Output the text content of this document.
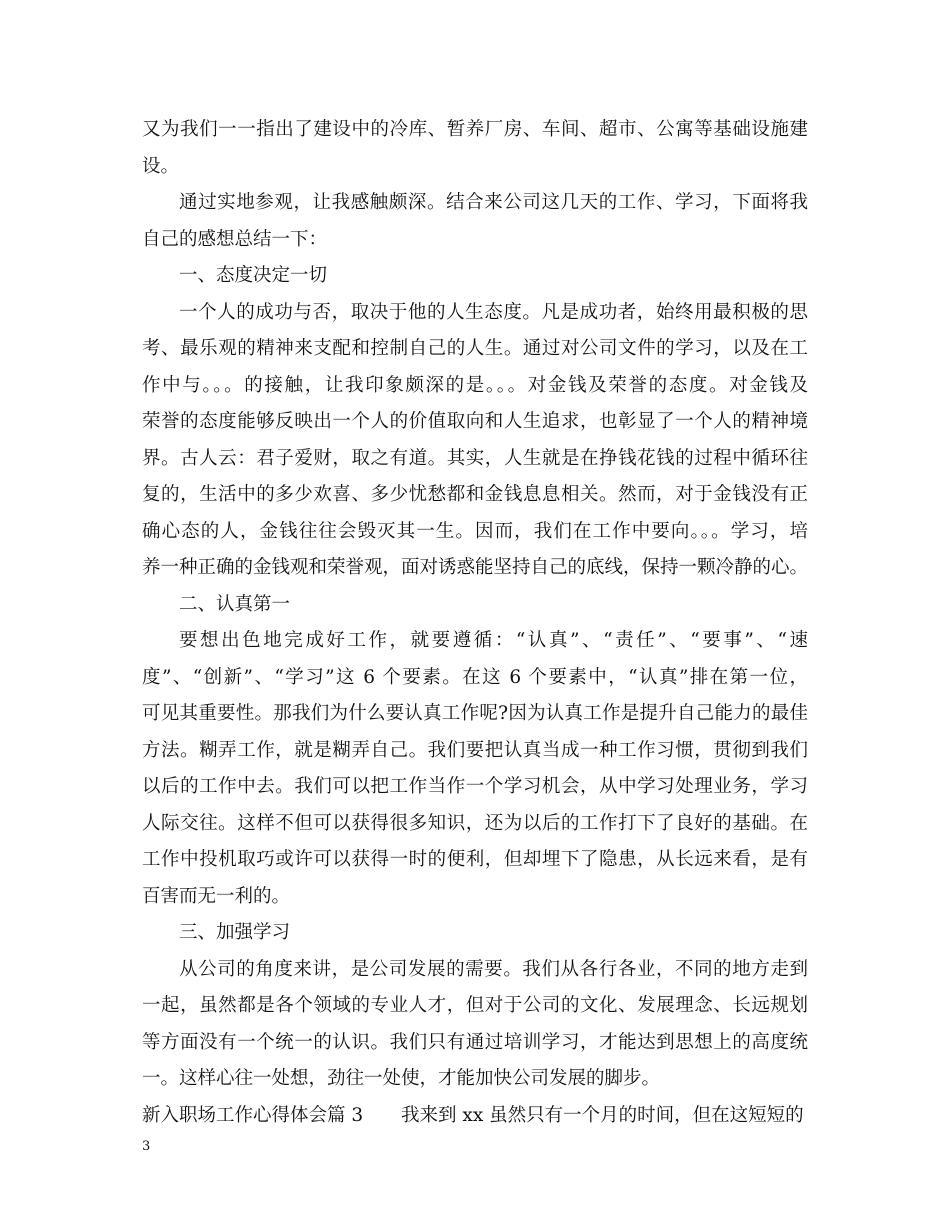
又为我们一一指出了建设中的冷库、暂养厂房、车间、超市、公寓等基础设施建
设。
通过实地参观，让我感触颇深。结合来公司这几天的工作、学习，下面将我
自己的感想总结一下：
一、态度决定一切
一个人的成功与否，取决于他的人生态度。凡是成功者，始终用最积极的思
考、最乐观的精神来支配和控制自己的人生。通过对公司文件的学习，以及在工
作中与。。。的接触，让我印象颇深的是。。。对金钱及荣誉的态度。对金钱及
荣誉的态度能够反映出一个人的价值取向和人生追求，也彰显了一个人的精神境
界。古人云：君子爱财，取之有道。其实，人生就是在挣钱花钱的过程中循环往
复的，生活中的多少欢喜、多少忧愁都和金钱息息相关。然而，对于金钱没有正
确心态的人，金钱往往会毁灭其一生。因而，我们在工作中要向。。。学习，培
养一种正确的金钱观和荣誉观，面对诱惑能坚持自己的底线，保持一颗冷静的心。
二、认真第一
要想出色地完成好工作，就要遵循：“认真”、“责任”、“要事”、“速
度”、“创新”、“学习”这 6 个要素。在这 6 个要素中，“认真”排在第一位，
可见其重要性。那我们为什么要认真工作呢?因为认真工作是提升自己能力的最佳
方法。糊弄工作，就是糊弄自己。我们要把认真当成一种工作习惯，贯彻到我们
以后的工作中去。我们可以把工作当作一个学习机会，从中学习处理业务，学习
人际交往。这样不但可以获得很多知识，还为以后的工作打下了良好的基础。在
工作中投机取巧或许可以获得一时的便利，但却埋下了隐患，从长远来看，是有
百害而无一利的。
三、加强学习
从公司的角度来讲，是公司发展的需要。我们从各行各业，不同的地方走到
一起，虽然都是各个领域的专业人才，但对于公司的文化、发展理念、长远规划
等方面没有一个统一的认识。我们只有通过培训学习，才能达到思想上的高度统
一。这样心往一处想，劲往一处使，才能加快公司发展的脚步。
新入职场工作心得体会篇 3 我来到 xx 虽然只有一个月的时间，但在这短短的
3
